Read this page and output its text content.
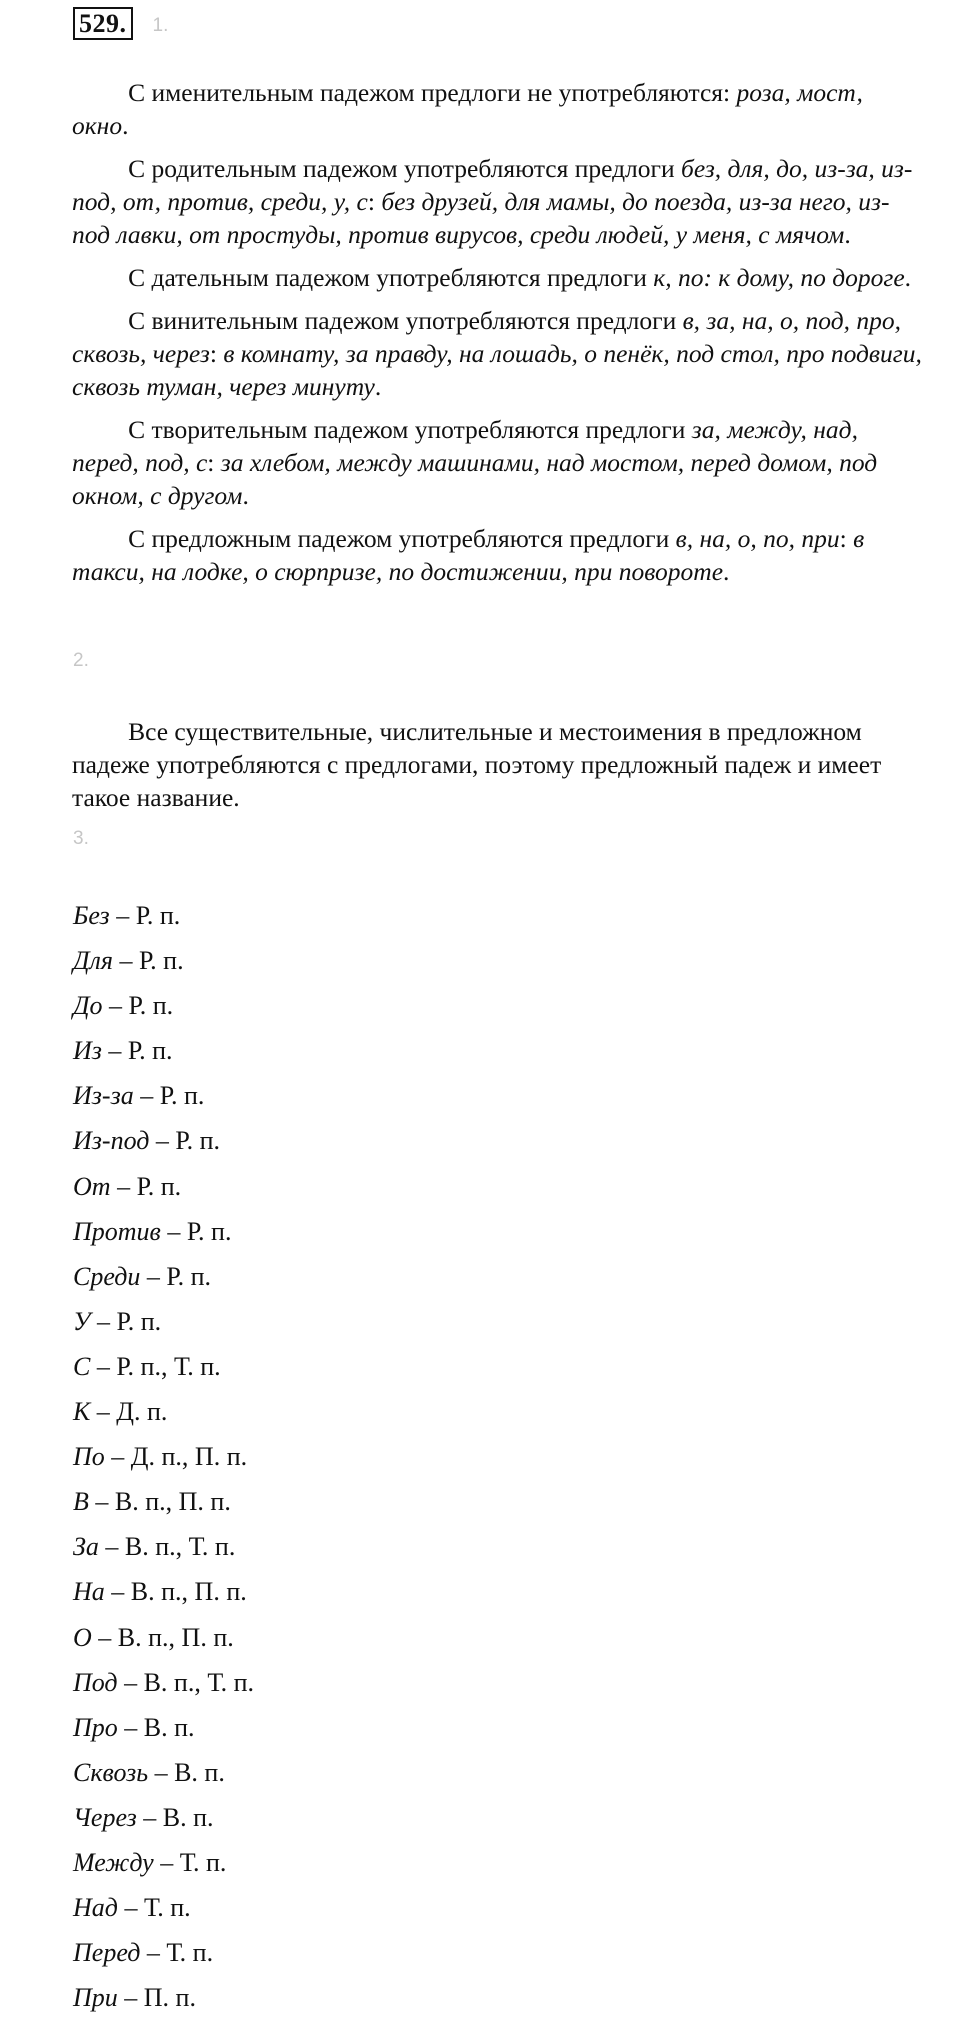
529.	1.

С именительным падежом предлоги не употребляются: роза, мост, окно.

С родительным падежом употребляются предлоги без, для, до, из-за, из-под, от, против, среди, у, с: без друзей, для мамы, до поезда, из-за него, из-под лавки, от простуды, против вирусов, среди людей, у меня, с мячом.

С дательным падежом употребляются предлоги к, по: к дому, по дороге.

С винительным падежом употребляются предлоги в, за, на, о, под, про, сквозь, через: в комнату, за правду, на лошадь, о пенёк, под стол, про подвиги, сквозь туман, через минуту.

С творительным падежом употребляются предлоги за, между, над, перед, под, с: за хлебом, между машинами, над мостом, перед домом, под окном, с другом.

С предложным падежом употребляются предлоги в, на, о, по, при: в такси, на лодке, о сюрпризе, по достижении, при повороте.

2.

Все существительные, числительные и местоимения в предложном падеже употребляются с предлогами, поэтому предложный падеж и имеет такое название.

3.
Без – Р. п.
Для – Р. п.
До – Р. п.
Из – Р. п.
Из-за – Р. п.
Из-под – Р. п.
От – Р. п.
Против – Р. п.
Среди – Р. п.
У – Р. п.
С – Р. п., Т. п.
К – Д. п.
По – Д. п., П. п.
В – В. п., П. п.
За – В. п., Т. п.
На – В. п., П. п.
О – В. п., П. п.
Под – В. п., Т. п.
Про – В. п.
Сквозь – В. п.
Через – В. п.
Между – Т. п.
Над – Т. п.
Перед – Т. п.
При – П. п.
